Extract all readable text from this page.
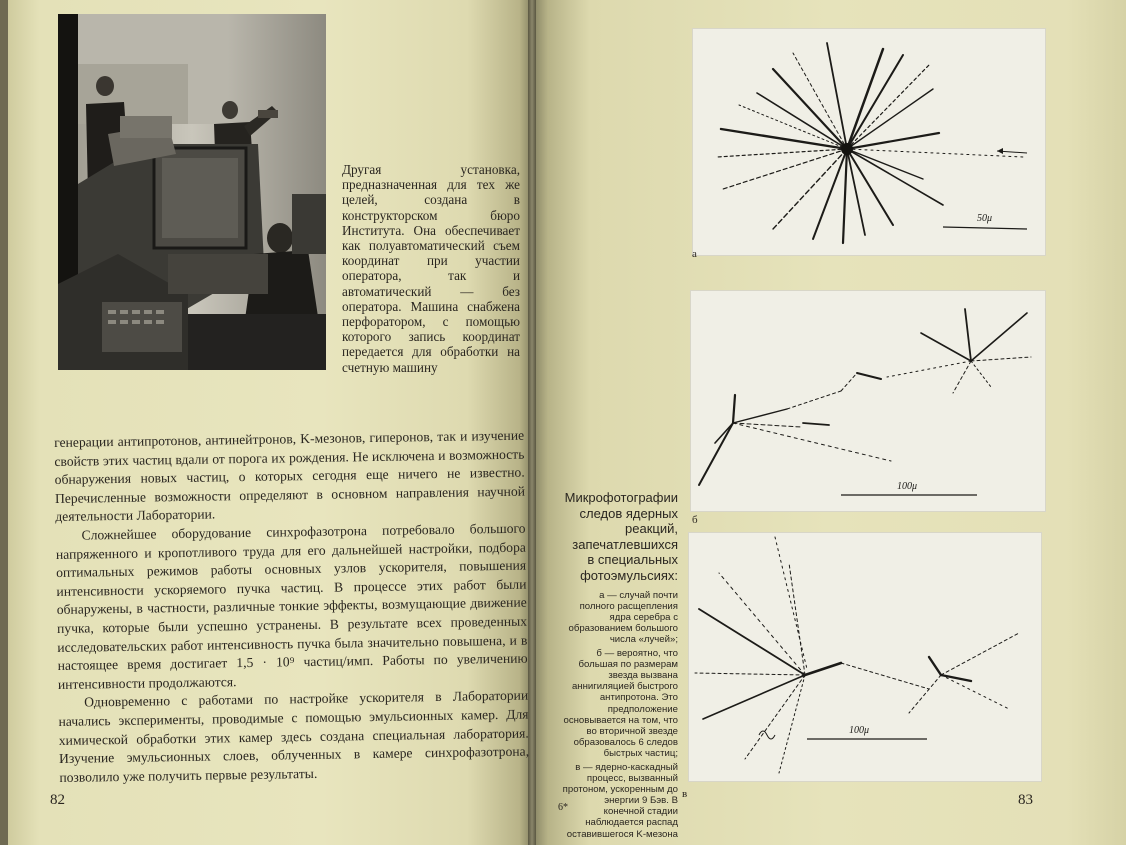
Другая установка, предназначенная для тех же целей, создана в конструкторском бюро Института. Она обеспечивает как полуавтоматический съем координат при участии оператора, так и автоматический — без оператора. Машина снабжена перфоратором, с помощью которого запись координат передается для обработки на счетную машину

генерации антипротонов, антинейтронов, K-мезонов, гиперонов, так и изучение свойств этих частиц вдали от порога их рождения. Не исключена и возможность обнаружения новых частиц, о которых сегодня еще ничего не известно. Перечисленные возможности определяют в основном направления научной деятельности Лаборатории.

Сложнейшее оборудование синхрофазотрона потребовало большого напряженного и кропотливого труда для его дальнейшей настройки, подбора оптимальных режимов работы основных узлов ускорителя, повышения интенсивности ускоряемого пучка частиц. В процессе этих работ были обнаружены, в частности, различные тонкие эффекты, возмущающие движение пучка, которые были успешно устранены. В результате всех проведенных исследовательских работ интенсивность пучка была значительно повышена, и в настоящее время достигает 1,5 · 10⁹ частиц/имп. Работы по увеличению интенсивности продолжаются.

Одновременно с работами по настройке ускорителя в Лаборатории начались эксперименты, проводимые с помощью эмульсионных камер. Для химической обработки этих камер здесь создана специальная лаборатория. Изучение эмульсионных слоев, облученных в камере синхрофазотрона, позволило уже получить первые результаты.

82
50μ
а
100μ
б
100μ
в

Микрофотографии следов ядерных реакций, запечатлевшихся в специальных фотоэмульсиях:

а — случай почти полного расщепления ядра серебра с образованием большого числа «лучей»;

б — вероятно, что большая по размерам звезда вызвана аннигиляцией быстрого антипротона. Это предположение основывается на том, что во вторичной звезде образовалось 6 следов быстрых частиц;

в — ядерно-каскадный процесс, вызванный протоном, ускоренным до энергии 9 Бэв. В конечной стадии наблюдается распад оставившегося K-мезона

6*	83
